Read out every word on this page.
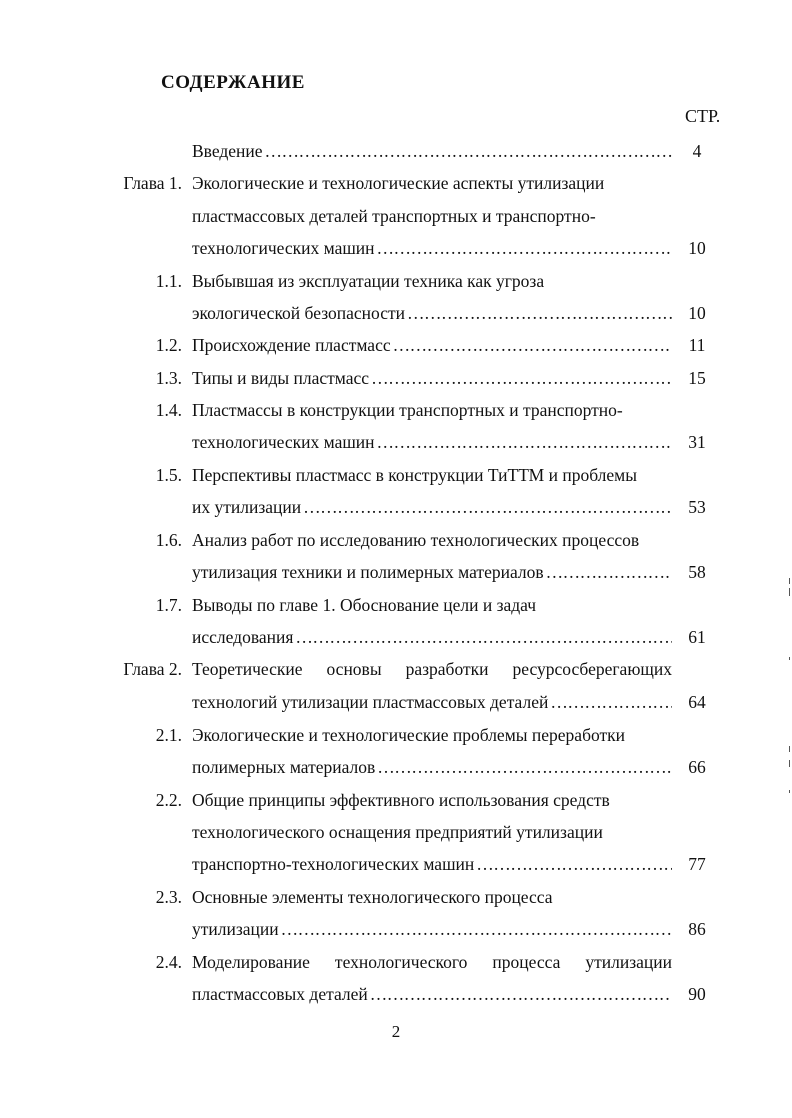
СОДЕРЖАНИЕ
СТР.
Введение …………………………………………………………………………………………………………………………………………	4
Глава 1. Экологические и технологические аспекты утилизации
пластмассовых деталей транспортных и транспортно-
технологических машин …………………………………………………………………………………………………………………………………………	10
1.1. Выбывшая из эксплуатации техника как угроза
экологической безопасности …………………………………………………………………………………………………………………………………………	10
1.2. Происхождение пластмасс …………………………………………………………………………………………………………………………………………	11
1.3. Типы и виды пластмасс …………………………………………………………………………………………………………………………………………	15
1.4. Пластмассы в конструкции транспортных и транспортно-
технологических машин …………………………………………………………………………………………………………………………………………	31
1.5. Перспективы пластмасс в конструкции ТиТТМ и проблемы
их утилизации …………………………………………………………………………………………………………………………………………	53
1.6. Анализ работ по исследованию технологических процессов
утилизация техники и полимерных материалов …………………………………………………………………………………………………………………………………………	58
1.7. Выводы по главе 1. Обоснование цели и задач
исследования …………………………………………………………………………………………………………………………………………	61
Глава 2. Теоретические основы разработки ресурсосберегающих
технологий утилизации пластмассовых деталей …………………………………………………………………………………………………………………………………………	64
2.1. Экологические и технологические проблемы переработки
полимерных материалов …………………………………………………………………………………………………………………………………………	66
2.2. Общие принципы эффективного использования средств
технологического оснащения предприятий утилизации
транспортно-технологических машин …………………………………………………………………………………………………………………………………………	77
2.3. Основные элементы технологического процесса
утилизации …………………………………………………………………………………………………………………………………………	86
2.4. Моделирование технологического процесса утилизации
пластмассовых деталей …………………………………………………………………………………………………………………………………………	90
2
